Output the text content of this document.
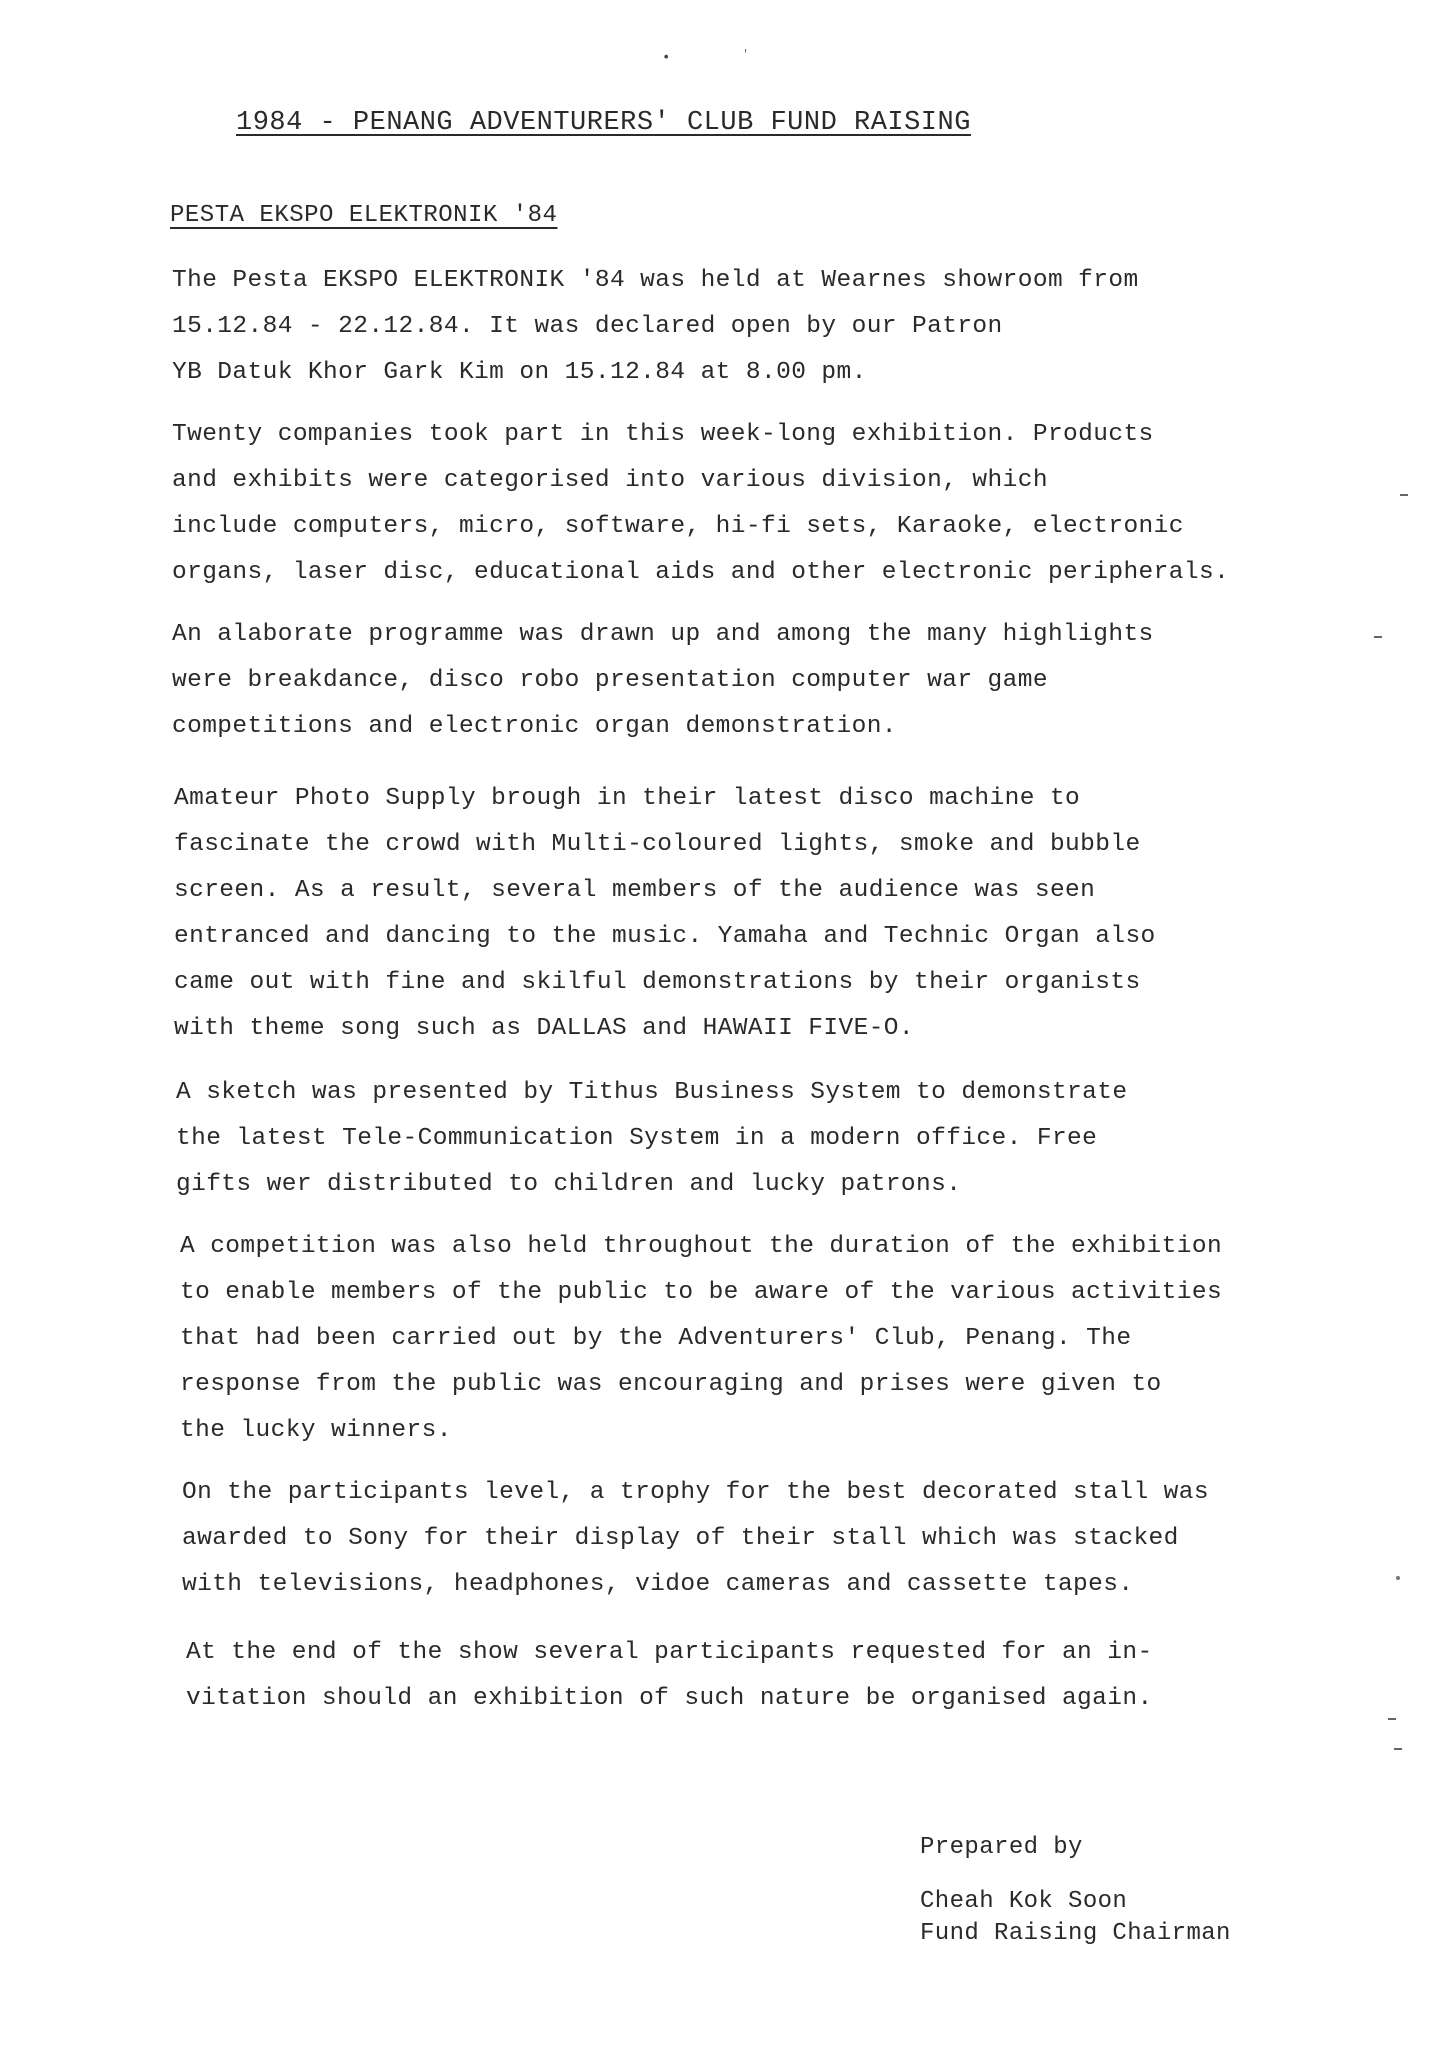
•	'
1984 - PENANG ADVENTURERS' CLUB FUND RAISING
PESTA EKSPO ELEKTRONIK '84
The Pesta EKSPO ELEKTRONIK '84 was held at Wearnes showroom from
15.12.84 - 22.12.84. It was declared open by our Patron
YB Datuk Khor Gark Kim on 15.12.84 at 8.00 pm.
Twenty companies took part in this week-long exhibition. Products
and exhibits were categorised into various division, which
include computers, micro, software, hi-fi sets, Karaoke, electronic
organs, laser disc, educational aids and other electronic peripherals.
An alaborate programme was drawn up and among the many highlights
were breakdance, disco robo presentation computer war game
competitions and electronic organ demonstration.
Amateur Photo Supply brough in their latest disco machine to
fascinate the crowd with Multi-coloured lights, smoke and bubble
screen. As a result, several members of the audience was seen
entranced and dancing to the music. Yamaha and Technic Organ also
came out with fine and skilful demonstrations by their organists
with theme song such as DALLAS and HAWAII FIVE-O.
A sketch was presented by Tithus Business System to demonstrate
the latest Tele-Communication System in a modern office. Free
gifts wer distributed to children and lucky patrons.
A competition was also held throughout the duration of the exhibition
to enable members of the public to be aware of the various activities
that had been carried out by the Adventurers' Club, Penang. The
response from the public was encouraging and prises were given to
the lucky winners.
On the participants level, a trophy for the best decorated stall was
awarded to Sony for their display of their stall which was stacked
with televisions, headphones, vidoe cameras and cassette tapes.
At the end of the show several participants requested for an in-
vitation should an exhibition of such nature be organised again.
Prepared by
Cheah Kok Soon
Fund Raising Chairman
